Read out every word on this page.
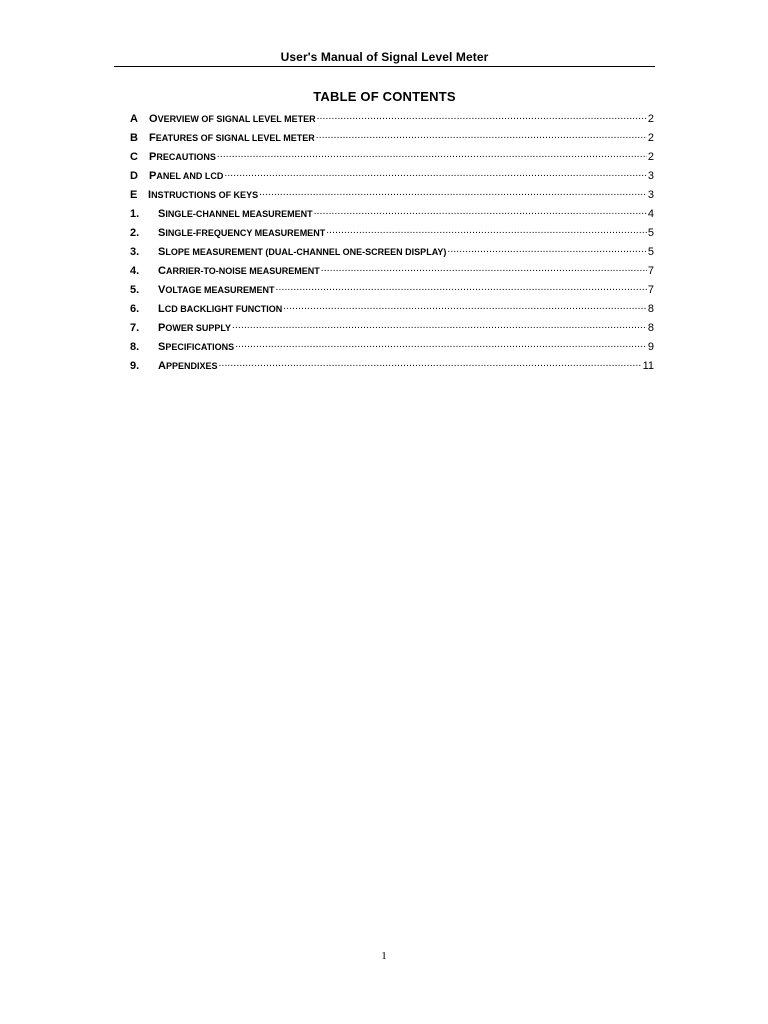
User's Manual of Signal Level Meter
TABLE OF CONTENTS
A	OVERVIEW OF SIGNAL LEVEL METER .....	2
B	FEATURES OF SIGNAL LEVEL METER .....	2
C	PRECAUTIONS .....	2
D	PANEL AND LCD .....	3
E	INSTRUCTIONS OF KEYS .....	3
1.	SINGLE-CHANNEL MEASUREMENT .....	4
2.	SINGLE-FREQUENCY MEASUREMENT .....	5
3.	SLOPE MEASUREMENT (DUAL-CHANNEL ONE-SCREEN DISPLAY) .....	5
4.	CARRIER-TO-NOISE MEASUREMENT .....	7
5.	VOLTAGE MEASUREMENT .....	7
6.	LCD BACKLIGHT FUNCTION .....	8
7.	POWER SUPPLY .....	8
8.	SPECIFICATIONS .....	9
9.	APPENDIXES .....	11
1
